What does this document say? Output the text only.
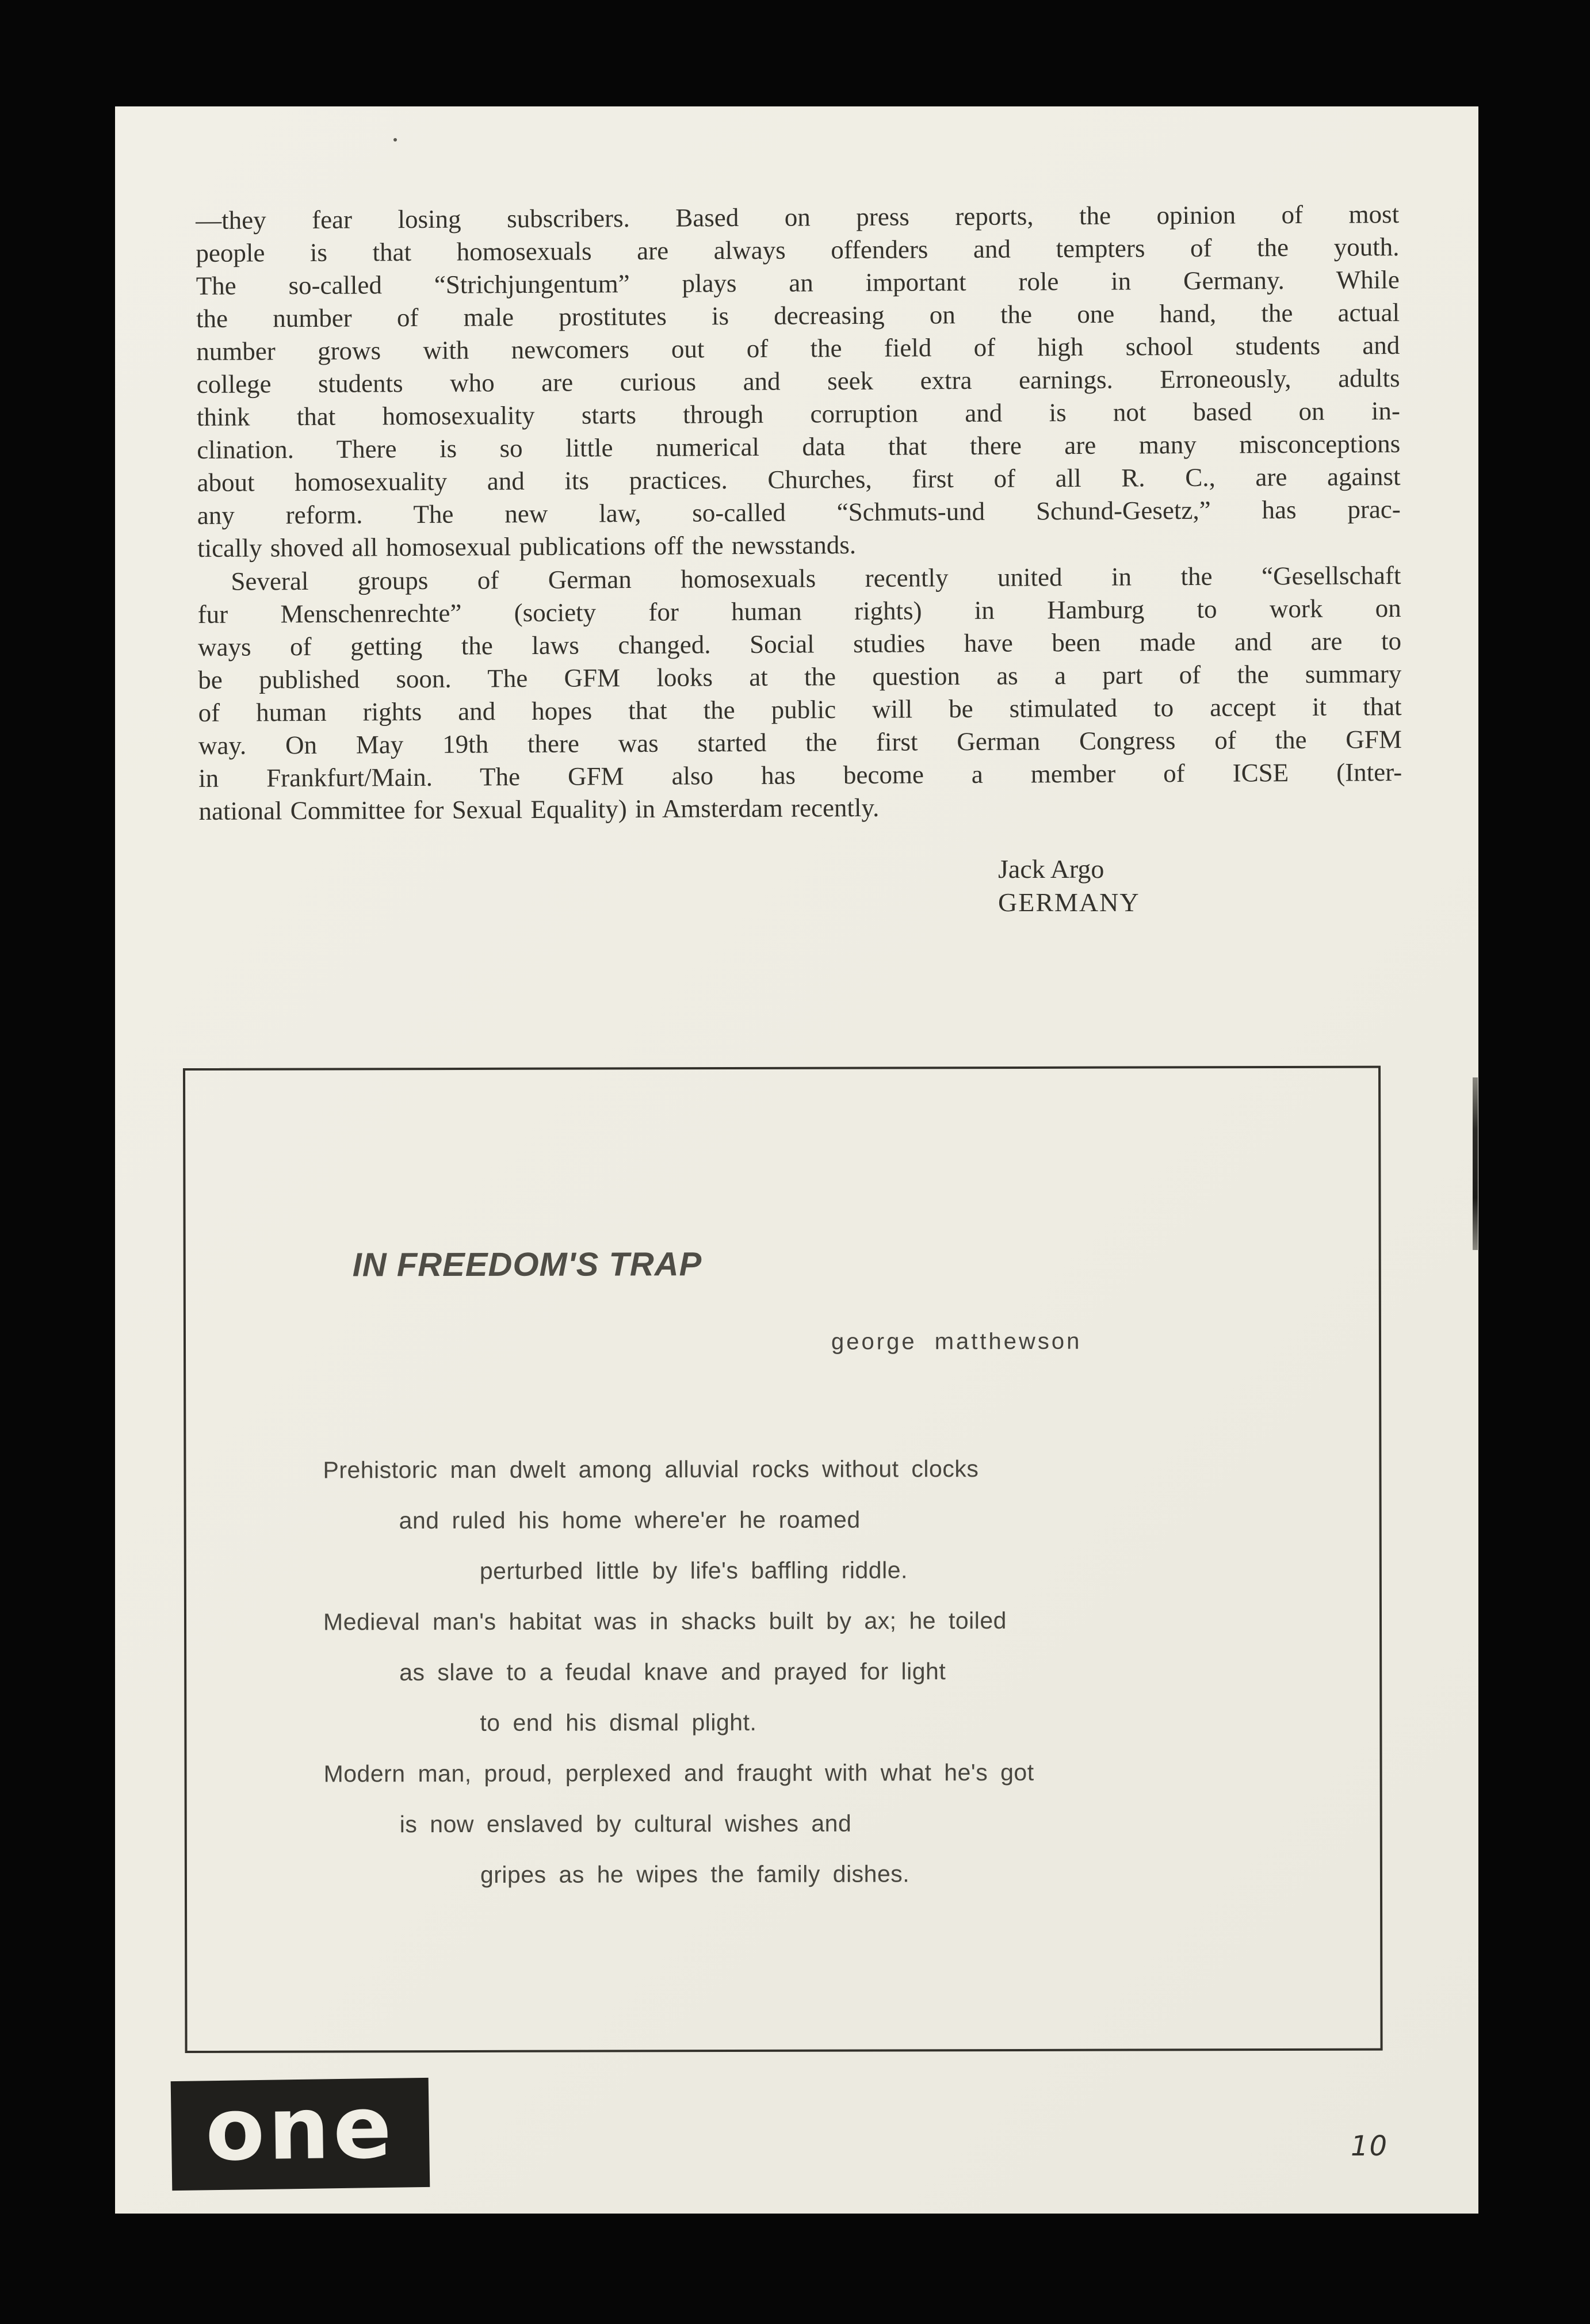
—they fear losing subscribers. Based on press reports, the opinion of most
people is that homosexuals are always offenders and tempters of the youth.
The so-called “Strichjungentum” plays an important role in Germany. While
the number of male prostitutes is decreasing on the one hand, the actual
number grows with newcomers out of the field of high school students and
college students who are curious and seek extra earnings. Erroneously, adults
think that homosexuality starts through corruption and is not based on in-
clination. There is so little numerical data that there are many misconceptions
about homosexuality and its practices. Churches, first of all R. C., are against
any reform. The new law, so-called “Schmuts-und Schund-Gesetz,” has prac-
tically shoved all homosexual publications off the newsstands.
Several groups of German homosexuals recently united in the “Gesellschaft
fur Menschenrechte” (society for human rights) in Hamburg to work on
ways of getting the laws changed. Social studies have been made and are to
be published soon. The GFM looks at the question as a part of the summary
of human rights and hopes that the public will be stimulated to accept it that
way. On May 19th there was started the first German Congress of the GFM
in Frankfurt/Main. The GFM also has become a member of ICSE (Inter-
national Committee for Sexual Equality) in Amsterdam recently.
Jack Argo
GERMANY
IN FREEDOM'S TRAP
george matthewson
Prehistoric man dwelt among alluvial rocks without clocks
and ruled his home where'er he roamed
perturbed little by life's baffling riddle.
Medieval man's habitat was in shacks built by ax; he toiled
as slave to a feudal knave and prayed for light
to end his dismal plight.
Modern man, proud, perplexed and fraught with what he's got
is now enslaved by cultural wishes and
gripes as he wipes the family dishes.
one	10
